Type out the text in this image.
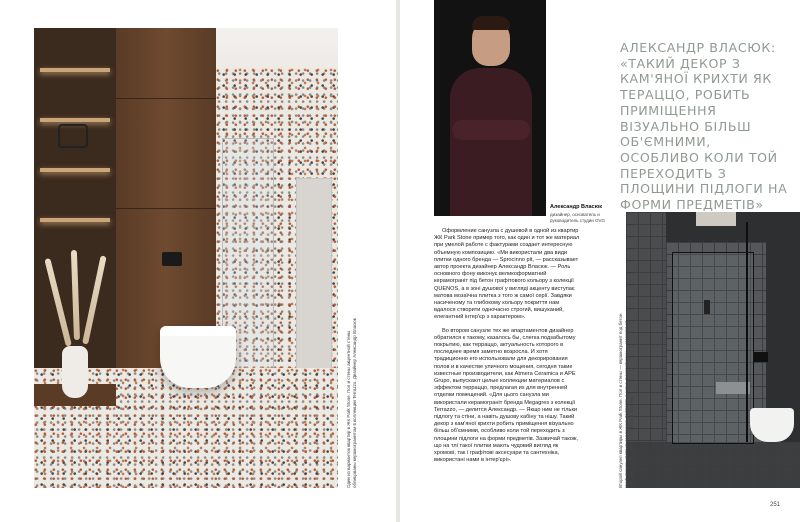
Один из вариантов квартир в ЖК Park Stone. Пол и стены акцентной стены облицованы керамогранитом в коллекции Terrazzo. Дизайнер Александр Власюк
Александр Власюк
дизайнер, основатель и руководитель студии OVG
АЛЕКСАНДР ВЛАСЮК: «ТАКИЙ ДЕКОР З КАМ'ЯНОЇ КРИХТИ ЯК ТЕРАЦЦО, РОБИТЬ ПРИМІЩЕННЯ ВІЗУАЛЬНО БІЛЬШ ОБ'ЄМНИМИ, ОСОБЛИВО КОЛИ ТОЙ ПЕРЕХОДИТЬ З ПЛОЩИНИ ПІДЛОГИ НА ФОРМИ ПРЕДМЕТІВ»

Оформление санузла с душевой в одной из квартир ЖК Park Stone пример того, как один и тот же материал при умелой работе с фактурами создает интересную объемную композицию. «Ми використали два види плитки одного бренда — Sprocinno pit, — рассказывает автор проекта дизайнер Александр Власюк. — Роль основного фону виконує великоформатний керамограніт під бетон графітового кольору з колекції QUENOS, а в зоні душової у вигляді акценту виступає матова мозаїчна плитка з того ж самої серії. Завдяки насиченому та глибокому кольору покриття нам вдалося створити одночасно строгий, вишуканий, елегантний інтер'єр з характером».

Во втором санузле тех же апартаментов дизайнер обратился к такому, казалось бы, слегка подзабытому покрытию, как терраццо, актуальность которого в последнее время заметно возросла. И хотя традиционно его использовали для декорирования полов и в качестве уличного мощения, сегодня такие известные производители, как Atmera Ceramica и APE Grupo, выпускают целые коллекции материалов с эффектом терраццо, предлагая их для внутренней отделки помещений. «Для цього санузла ми використали керамограніт бренда Megagres з колекції Terrazzo, — делится Александр. — Якщо ним не тільки підлогу та стіни, а навіть душову кабіну та нішу. Такий декор з кам'яної крихти робить приміщення візуально більш об'ємними, особливо коли той переходить з площини підлоги на форми предметів. Зазвичай також, що на тлі такої плитки мають чудовий вигляд як хромові, так і графітові аксесуари та сантехніка, використані нами в інтер'єрі».	Второй санузел квартиры в ЖК Park Stone. Пол и стены — керамогранит под бетон графитового цвета из коллекции QUENOS, в нише душевой зоны — мозаика от Prissmacer. Дизайнер — Александр Власюк
251
